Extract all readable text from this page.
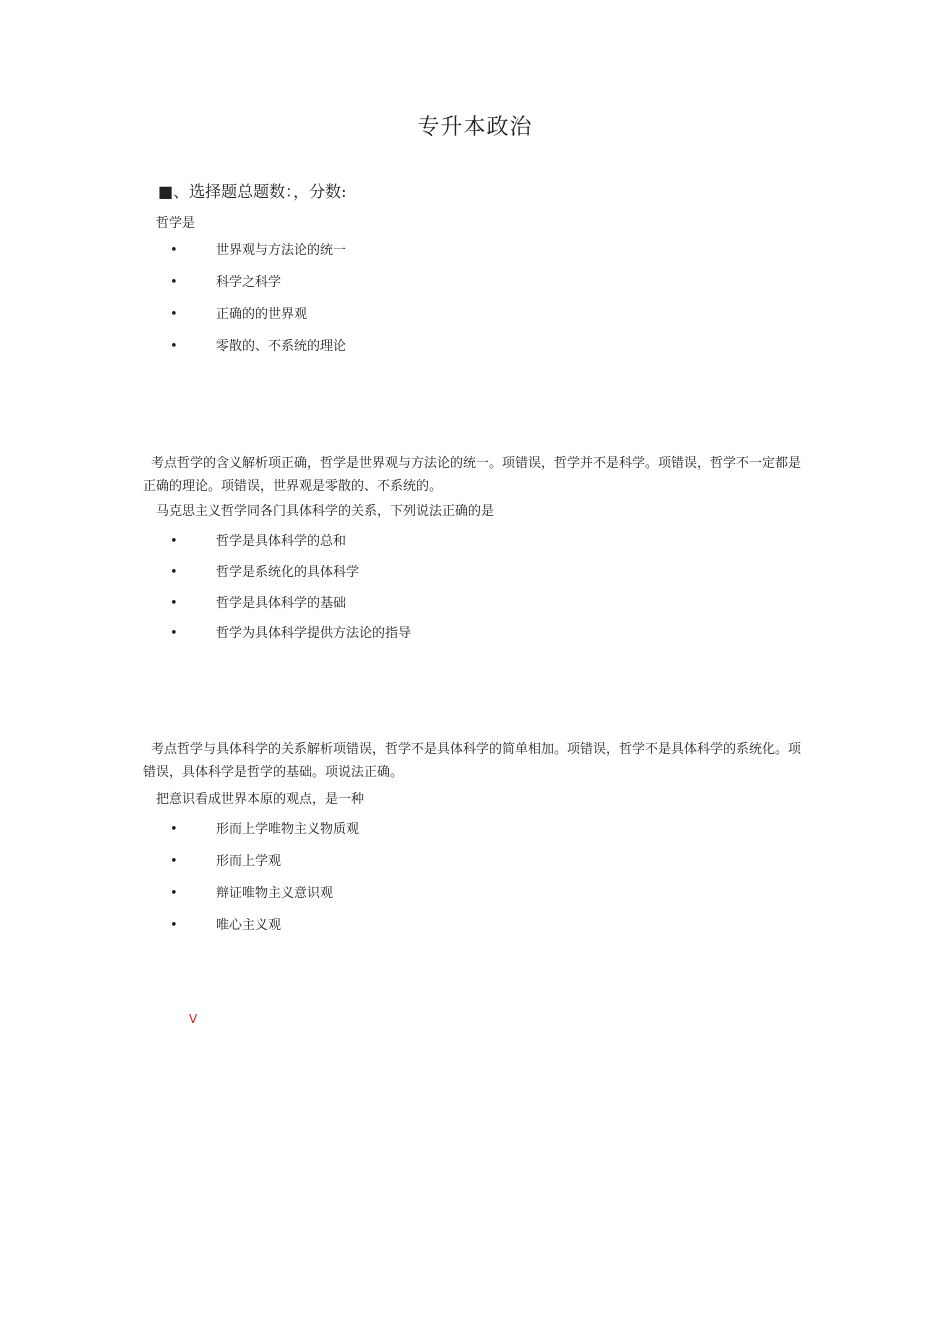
专升本政治
■、选择题总题数：，分数:
哲学是
•	世界观与方法论的统一
•	科学之科学
•	正确的的世界观
•	零散的、不系统的理论
考点哲学的含义解析项正确，哲学是世界观与方法论的统一。项错误，哲学并不是科学。项错误，哲学不一定都是正确的理论。项错误，世界观是零散的、不系统的。
马克思主义哲学同各门具体科学的关系，下列说法正确的是
•	哲学是具体科学的总和
•	哲学是系统化的具体科学
•	哲学是具体科学的基础
•	哲学为具体科学提供方法论的指导
考点哲学与具体科学的关系解析项错误，哲学不是具体科学的简单相加。项错误，哲学不是具体科学的系统化。项错误，具体科学是哲学的基础。项说法正确。
把意识看成世界本原的观点，是一种
•	形而上学唯物主义物质观
•	形而上学观
•	辩证唯物主义意识观
•	唯心主义观
V
